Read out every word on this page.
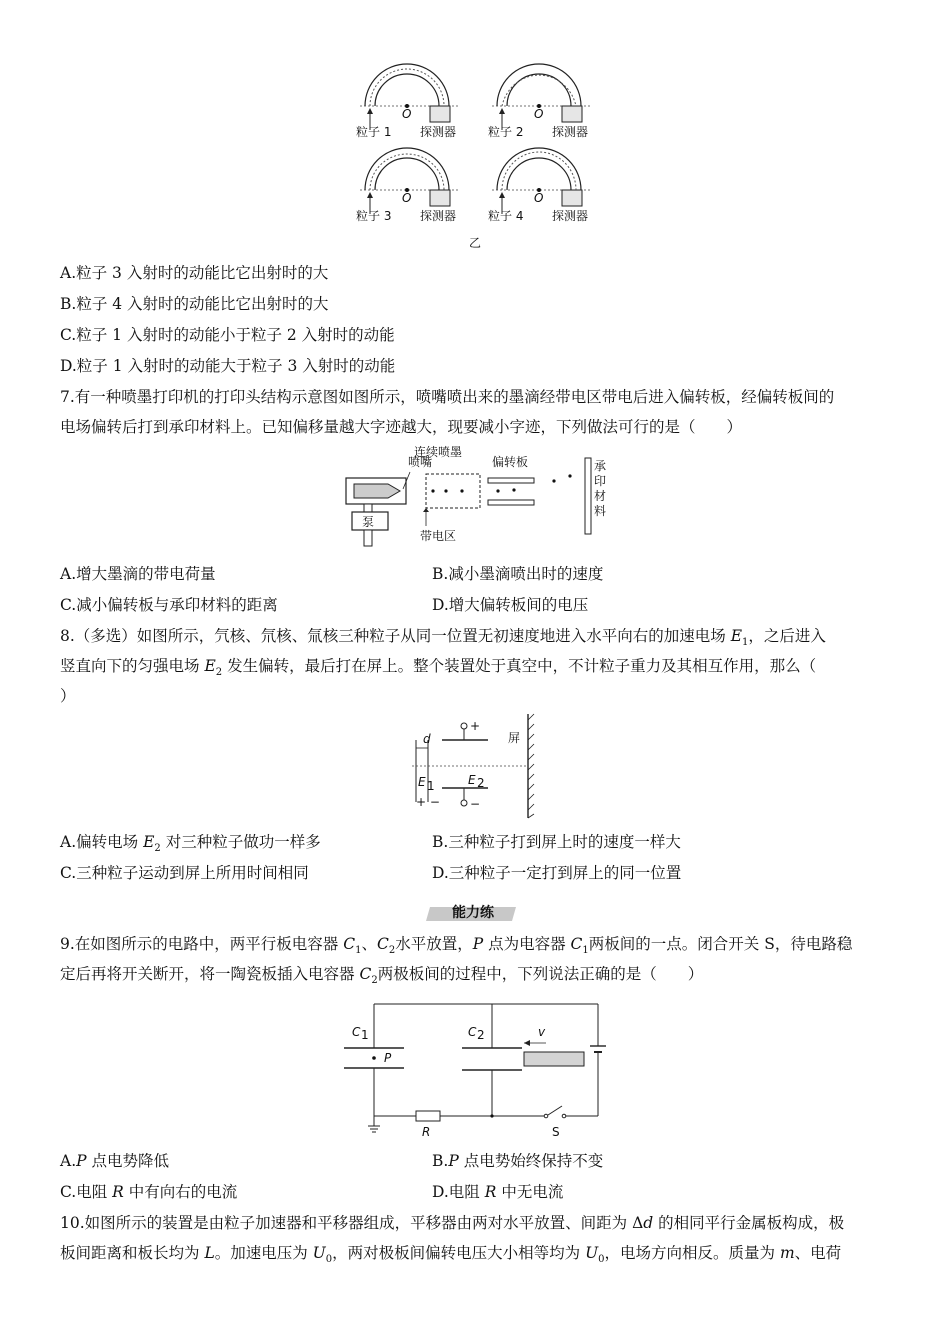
O
粒子 1 探测器
O
粒子 2 探测器
O
粒子 3 探测器
O
粒子 4 探测器
乙
A.粒子 3 入射时的动能比它出射时的大
B.粒子 4 入射时的动能比它出射时的大
C.粒子 1 入射时的动能小于粒子 2 入射时的动能
D.粒子 1 入射时的动能大于粒子 3 入射时的动能
7.有一种喷墨打印机的打印头结构示意图如图所示，喷嘴喷出来的墨滴经带电区带电后进入偏转板，经偏转板间的
电场偏转后打到承印材料上。已知偏移量越大字迹越大，现要减小字迹，下列做法可行的是（　　）
泵
喷嘴
连续喷墨
带电区
偏转板	承印材料
A.增大墨滴的带电荷量	B.减小墨滴喷出时的速度
C.减小偏转板与承印材料的距离	D.增大偏转板间的电压
8.（多选）如图所示，氕核、氘核、氚核三种粒子从同一位置无初速度地进入水平向右的加速电场 $E_1$，之后进入
竖直向下的匀强电场 $E_2$ 发生偏转，最后打在屏上。整个装置处于真空中，不计粒子重力及其相互作用，那么（
）
+
−
d
E 1	E 2
+ −
屏
A.偏转电场 $E_2$ 对三种粒子做功一样多	B.三种粒子打到屏上时的速度一样大
C.三种粒子运动到屏上所用时间相同	D.三种粒子一定打到屏上的同一位置
能力练
9.在如图所示的电路中，两平行板电容器 $C_1$、$C_2$水平放置，P 点为电容器 $C_1$两板间的一点。闭合开关 S，待电路稳
定后再将开关断开，将一陶瓷板插入电容器 $C_2$两极板间的过程中，下列说法正确的是（　　）
P
C 1	C 2	v
R	S
A.P 点电势降低	B.P 点电势始终保持不变
C.电阻 R 中有向右的电流	D.电阻 R 中无电流
10.如图所示的装置是由粒子加速器和平移器组成，平移器由两对水平放置、间距为 Δd 的相同平行金属板构成，极
板间距离和板长均为 L。加速电压为 $U_0$，两对极板间偏转电压大小相等均为 $U_0$，电场方向相反。质量为 m、电荷
